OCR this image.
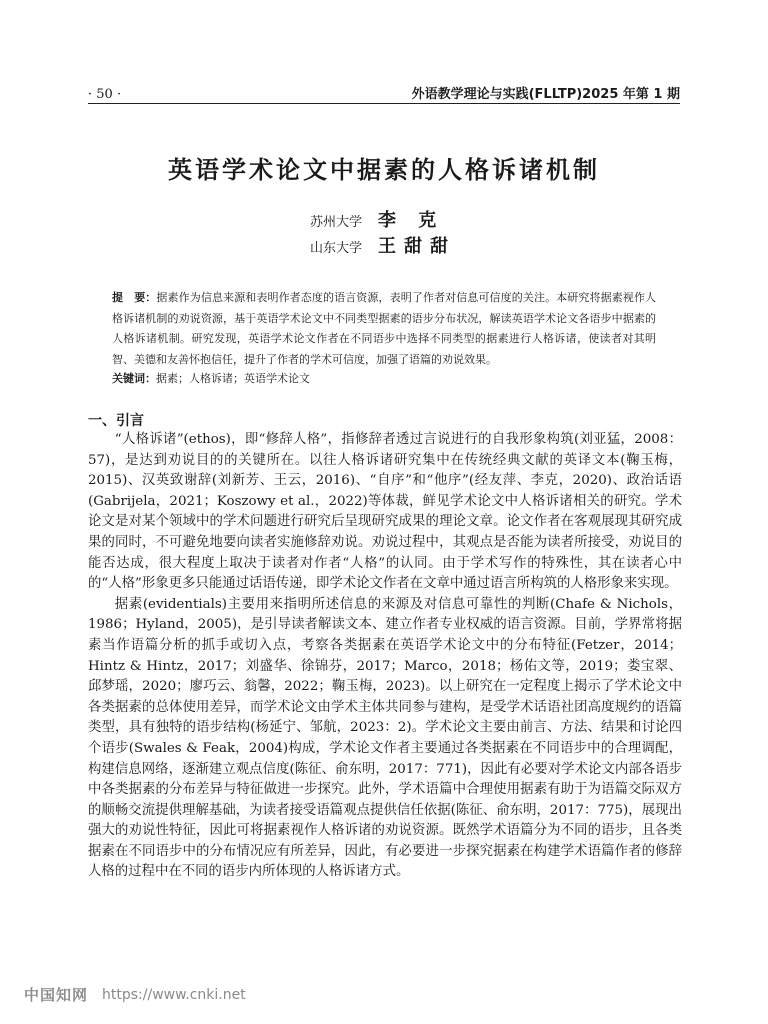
· 50 ·	外语教学理论与实践(FLLTP)2025 年第 1 期
英语学术论文中据素的人格诉诸机制
苏州大学 李 克
山东大学 王甜甜
提　要：据素作为信息来源和表明作者态度的语言资源，表明了作者对信息可信度的关注。本研究将据素视作人格诉诸机制的劝说资源，基于英语学术论文中不同类型据素的语步分布状况，解读英语学术论文各语步中据素的人格诉诸机制。研究发现，英语学术论文作者在不同语步中选择不同类型的据素进行人格诉诸，使读者对其明智、美德和友善怀抱信任，提升了作者的学术可信度，加强了语篇的劝说效果。
关键词：据素；人格诉诸；英语学术论文
一、引言

“人格诉诸”(ethos)，即“修辞人格”，指修辞者透过言说进行的自我形象构筑(刘亚猛，2008：57)，是达到劝说目的的关键所在。以往人格诉诸研究集中在传统经典文献的英译文本(鞠玉梅，2015)、汉英致谢辞(刘新芳、王云，2016)、“自序”和“他序”(经友萍、李克，2020)、政治话语(Gabrijela，2021；Koszowy et al.，2022)等体裁，鲜见学术论文中人格诉诸相关的研究。学术论文是对某个领域中的学术问题进行研究后呈现研究成果的理论文章。论文作者在客观展现其研究成果的同时，不可避免地要向读者实施修辞劝说。劝说过程中，其观点是否能为读者所接受，劝说目的能否达成，很大程度上取决于读者对作者“人格”的认同。由于学术写作的特殊性，其在读者心中的“人格”形象更多只能通过话语传递，即学术论文作者在文章中通过语言所构筑的人格形象来实现。

据素(evidentials)主要用来指明所述信息的来源及对信息可靠性的判断(Chafe & Nichols，1986；Hyland，2005)，是引导读者解读文本、建立作者专业权威的语言资源。目前，学界常将据素当作语篇分析的抓手或切入点，考察各类据素在英语学术论文中的分布特征(Fetzer，2014；Hintz & Hintz，2017；刘盛华、徐锦芬，2017；Marco，2018；杨佑文等，2019；娄宝翠、邱梦瑶，2020；廖巧云、翁馨，2022；鞠玉梅，2023)。以上研究在一定程度上揭示了学术论文中各类据素的总体使用差异，而学术论文由学术主体共同参与建构，是受学术话语社团高度规约的语篇类型，具有独特的语步结构(杨延宁、邹航，2023：2)。学术论文主要由前言、方法、结果和讨论四个语步(Swales & Feak，2004)构成，学术论文作者主要通过各类据素在不同语步中的合理调配，构建信息网络，逐渐建立观点信度(陈征、俞东明，2017：771)，因此有必要对学术论文内部各语步中各类据素的分布差异与特征做进一步探究。此外，学术语篇中合理使用据素有助于为语篇交际双方的顺畅交流提供理解基础，为读者接受语篇观点提供信任依据(陈征、俞东明，2017：775)，展现出强大的劝说性特征，因此可将据素视作人格诉诸的劝说资源。既然学术语篇分为不同的语步，且各类据素在不同语步中的分布情况应有所差异，因此，有必要进一步探究据素在构建学术语篇作者的修辞人格的过程中在不同的语步内所体现的人格诉诸方式。

中国知网 https://www.cnki.net
